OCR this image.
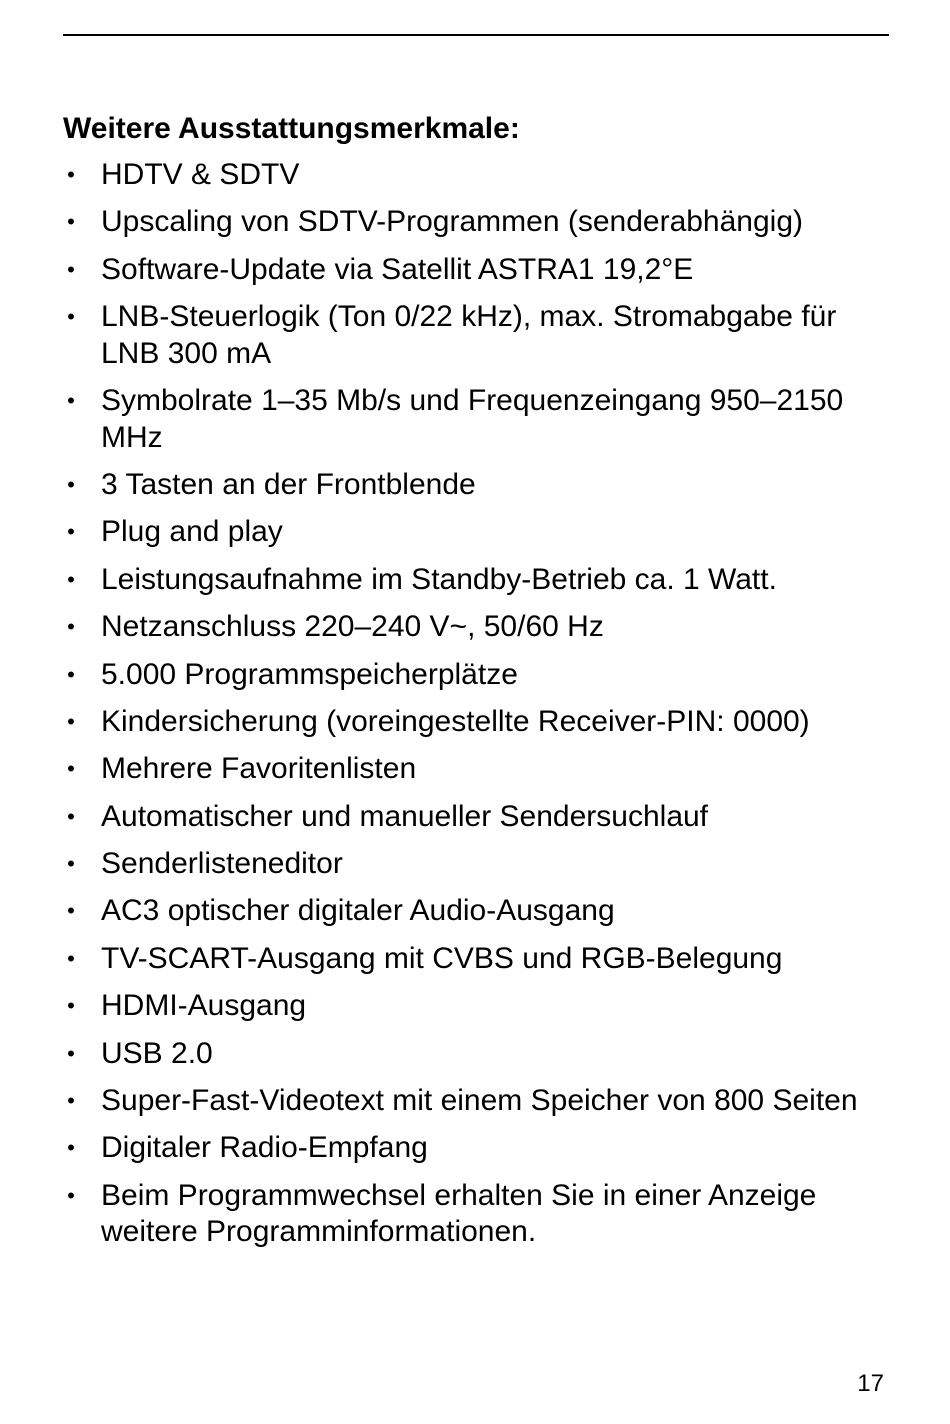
Weitere Ausstattungsmerkmale:
• HDTV & SDTV
• Upscaling von SDTV-Programmen (senderabhängig)
• Software-Update via Satellit ASTRA1 19,2°E
• LNB-Steuerlogik (Ton 0/22 kHz), max. Stromabgabe für LNB 300 mA
• Symbolrate 1–35 Mb/s und Frequenzeingang 950–2150 MHz
• 3 Tasten an der Frontblende
• Plug and play
• Leistungsaufnahme im Standby-Betrieb ca. 1 Watt.
• Netzanschluss 220–240 V~, 50/60 Hz
• 5.000 Programmspeicherplätze
• Kindersicherung (voreingestellte Receiver-PIN: 0000)
• Mehrere Favoritenlisten
• Automatischer und manueller Sendersuchlauf
• Senderlisteneditor
• AC3 optischer digitaler Audio-Ausgang
• TV-SCART-Ausgang mit CVBS und RGB-Belegung
• HDMI-Ausgang
• USB 2.0
• Super-Fast-Videotext mit einem Speicher von 800 Seiten
• Digitaler Radio-Empfang
• Beim Programmwechsel erhalten Sie in einer Anzeige weitere Programminformationen.
17
